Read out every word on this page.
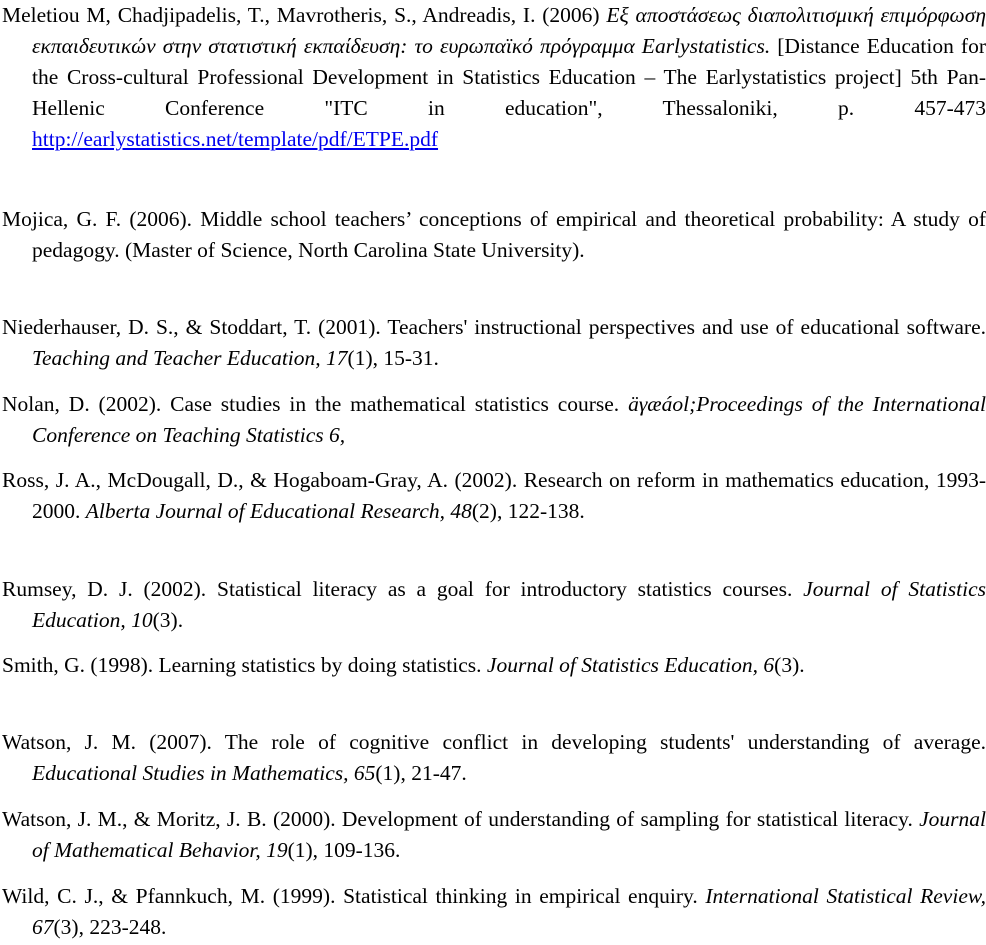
Meletiou M, Chadjipadelis, T., Mavrotheris, S., Andreadis, I. (2006) Εξ αποστάσεως διαπολιτισμική επιμόρφωση εκπαιδευτικών στην στατιστική εκπαίδευση: το ευρωπαϊκό πρόγραμμα Earlystatistics. [Distance Education for the Cross-cultural Professional Development in Statistics Education – The Earlystatistics project] 5th Pan-Hellenic Conference "ITC in education", Thessaloniki, p. 457-473 http://earlystatistics.net/template/pdf/ETPE.pdf

Mojica, G. F. (2006). Middle school teachers’ conceptions of empirical and theoretical probability: A study of pedagogy. (Master of Science, North Carolina State University).

Niederhauser, D. S., & Stoddart, T. (2001). Teachers' instructional perspectives and use of educational software. Teaching and Teacher Education, 17(1), 15-31.

Nolan, D. (2002). Case studies in the mathematical statistics course. äγæáol;Proceedings of the International Conference on Teaching Statistics 6,

Ross, J. A., McDougall, D., & Hogaboam-Gray, A. (2002). Research on reform in mathematics education, 1993-2000. Alberta Journal of Educational Research, 48(2), 122-138.

Rumsey, D. J. (2002). Statistical literacy as a goal for introductory statistics courses. Journal of Statistics Education, 10(3).

Smith, G. (1998). Learning statistics by doing statistics. Journal of Statistics Education, 6(3).

Watson, J. M. (2007). The role of cognitive conflict in developing students' understanding of average. Educational Studies in Mathematics, 65(1), 21-47.

Watson, J. M., & Moritz, J. B. (2000). Development of understanding of sampling for statistical literacy. Journal of Mathematical Behavior, 19(1), 109-136.

Wild, C. J., & Pfannkuch, M. (1999). Statistical thinking in empirical enquiry. International Statistical Review, 67(3), 223-248.
